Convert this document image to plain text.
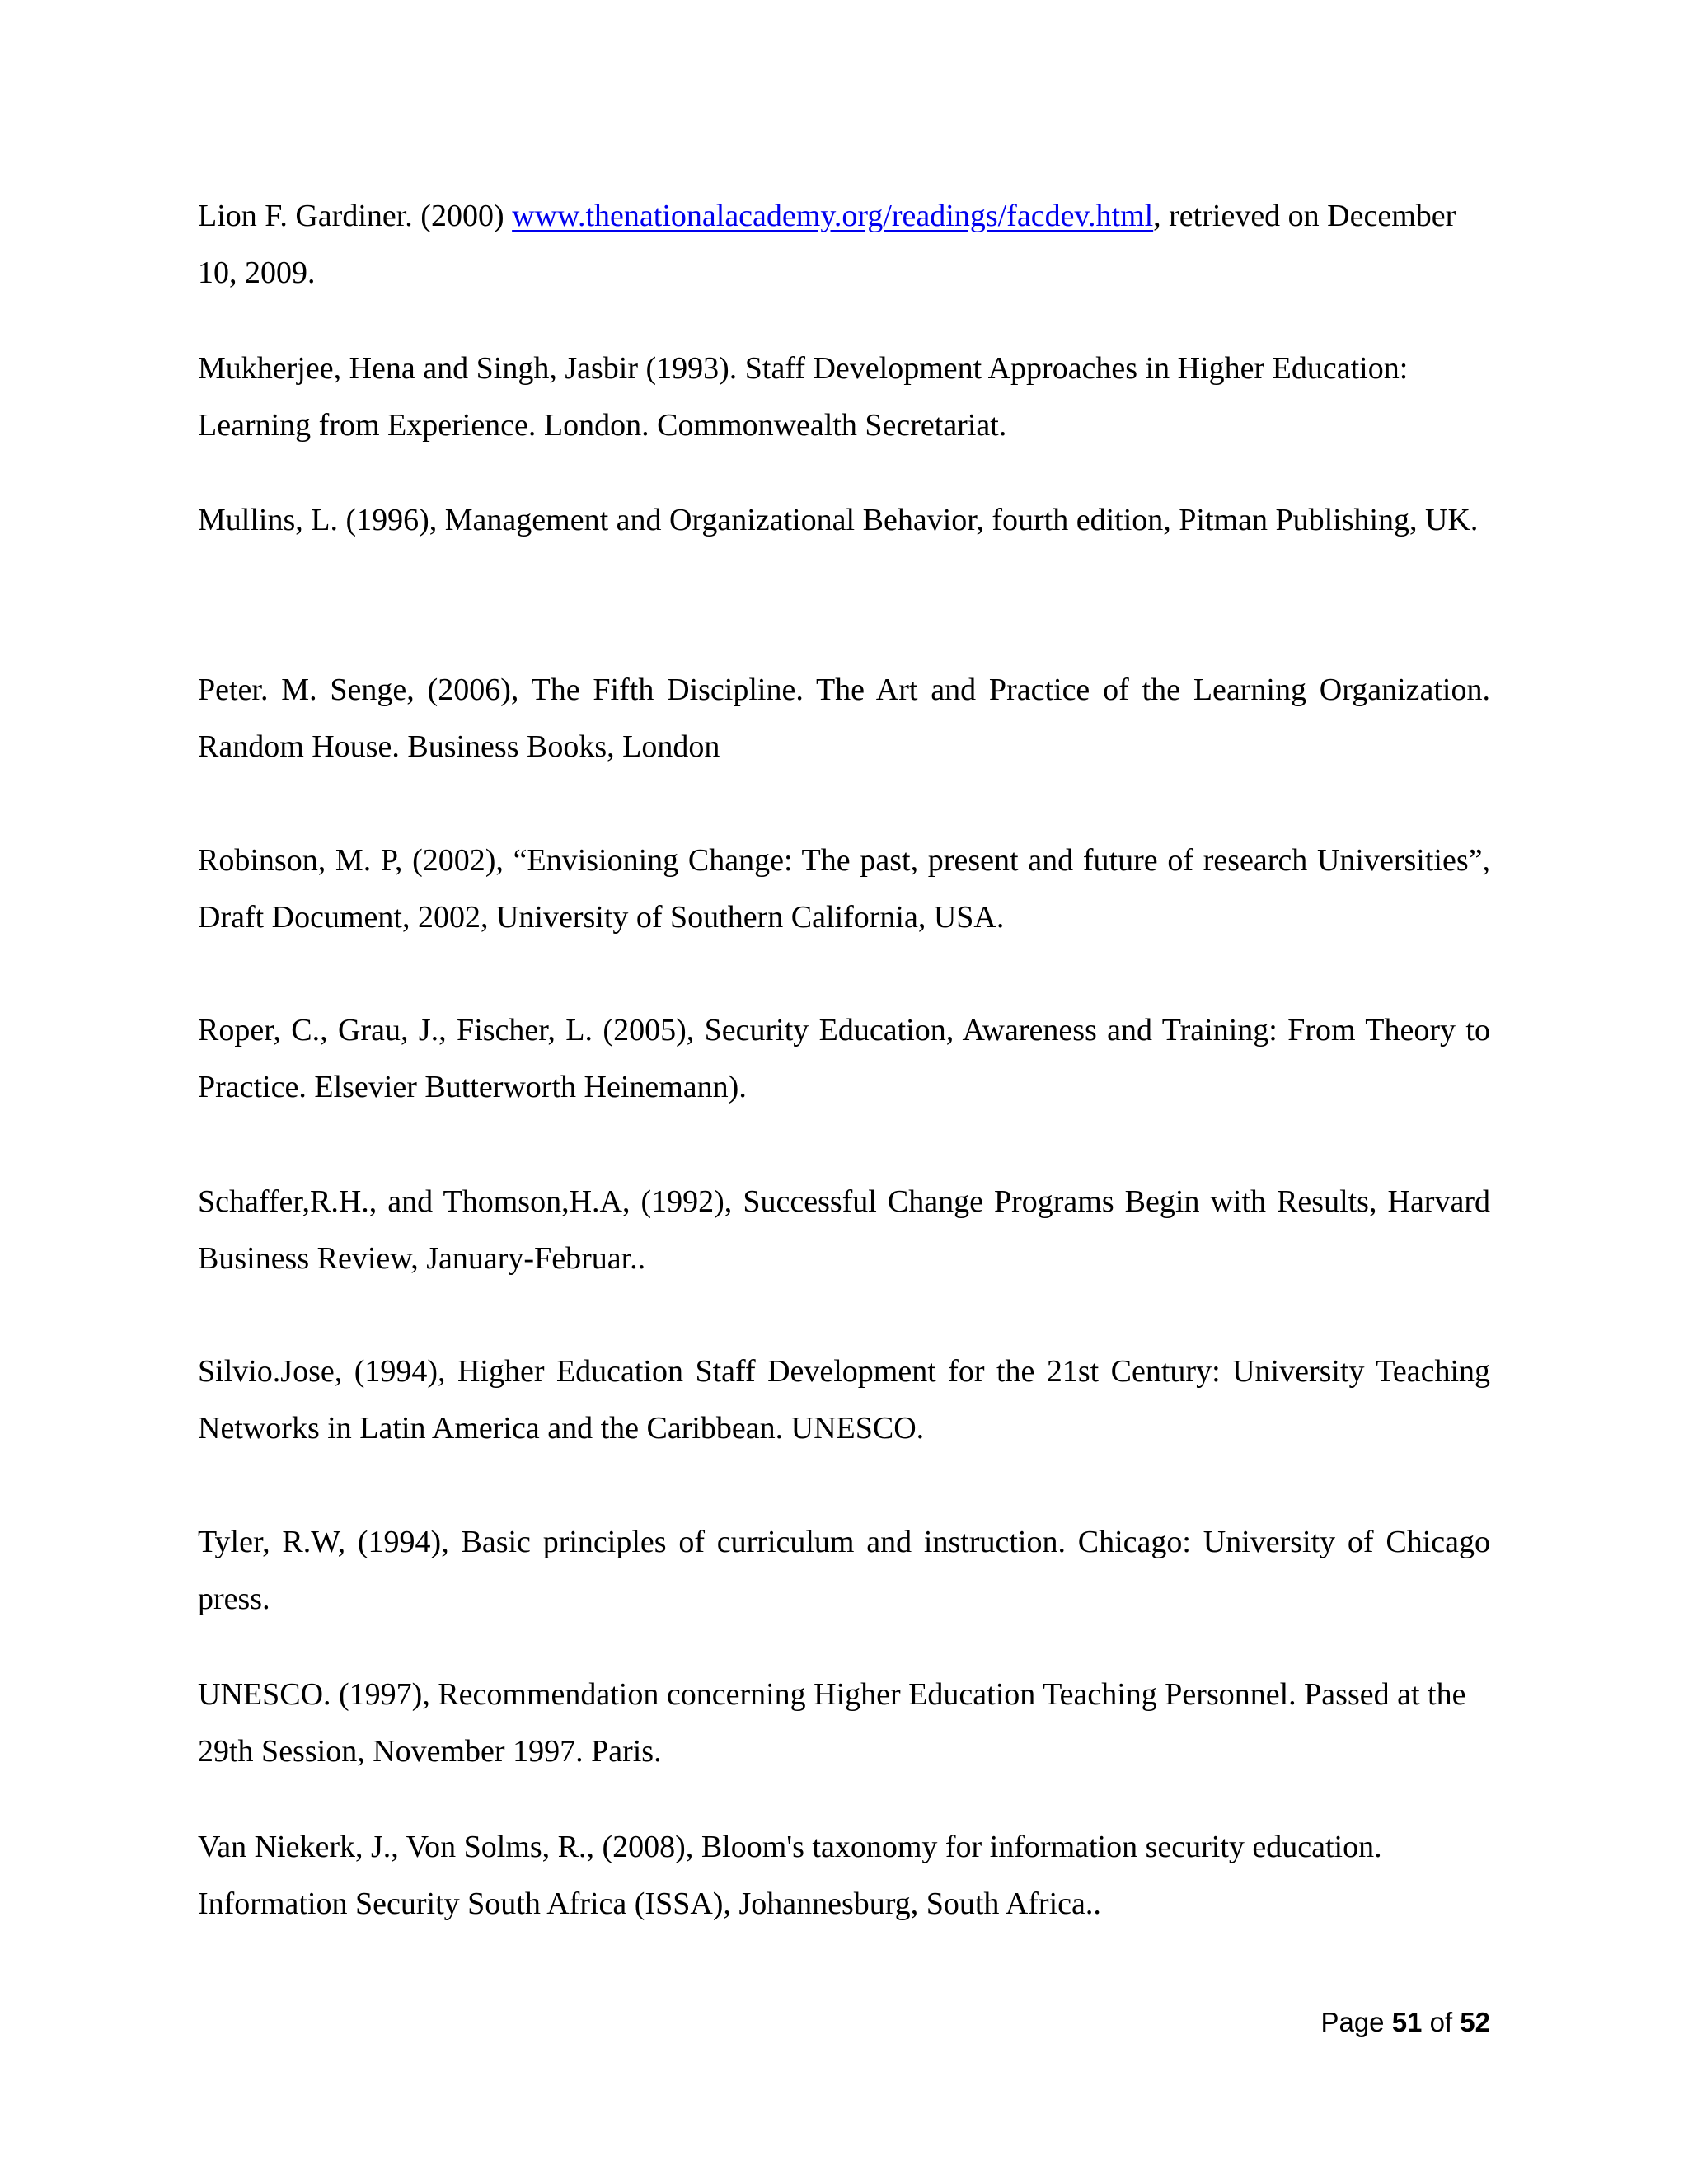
Lion F. Gardiner. (2000) www.thenationalacademy.org/readings/facdev.html, retrieved on December 10, 2009.

Mukherjee, Hena and Singh, Jasbir (1993). Staff Development Approaches in Higher Education: Learning from Experience. London. Commonwealth Secretariat.

Mullins, L. (1996), Management and Organizational Behavior, fourth edition, Pitman Publishing, UK.

Peter. M. Senge, (2006), The Fifth Discipline. The Art and Practice of the Learning Organization. Random House. Business Books, London

Robinson, M. P, (2002), “Envisioning Change: The past, present and future of research Universities”, Draft Document, 2002, University of Southern California, USA.

Roper, C., Grau, J., Fischer, L. (2005), Security Education, Awareness and Training: From Theory to Practice. Elsevier Butterworth Heinemann).

Schaffer,R.H., and Thomson,H.A, (1992), Successful Change Programs Begin with Results, Harvard Business Review, January-Februar..

Silvio.Jose, (1994), Higher Education Staff Development for the 21st Century: University Teaching Networks in Latin America and the Caribbean. UNESCO.

Tyler, R.W, (1994), Basic principles of curriculum and instruction. Chicago: University of Chicago press.

UNESCO. (1997), Recommendation concerning Higher Education Teaching Personnel. Passed at the 29th Session, November 1997. Paris.

Van Niekerk, J., Von Solms, R., (2008), Bloom's taxonomy for information security education. Information Security South Africa (ISSA), Johannesburg, South Africa..

Page 51 of 52
